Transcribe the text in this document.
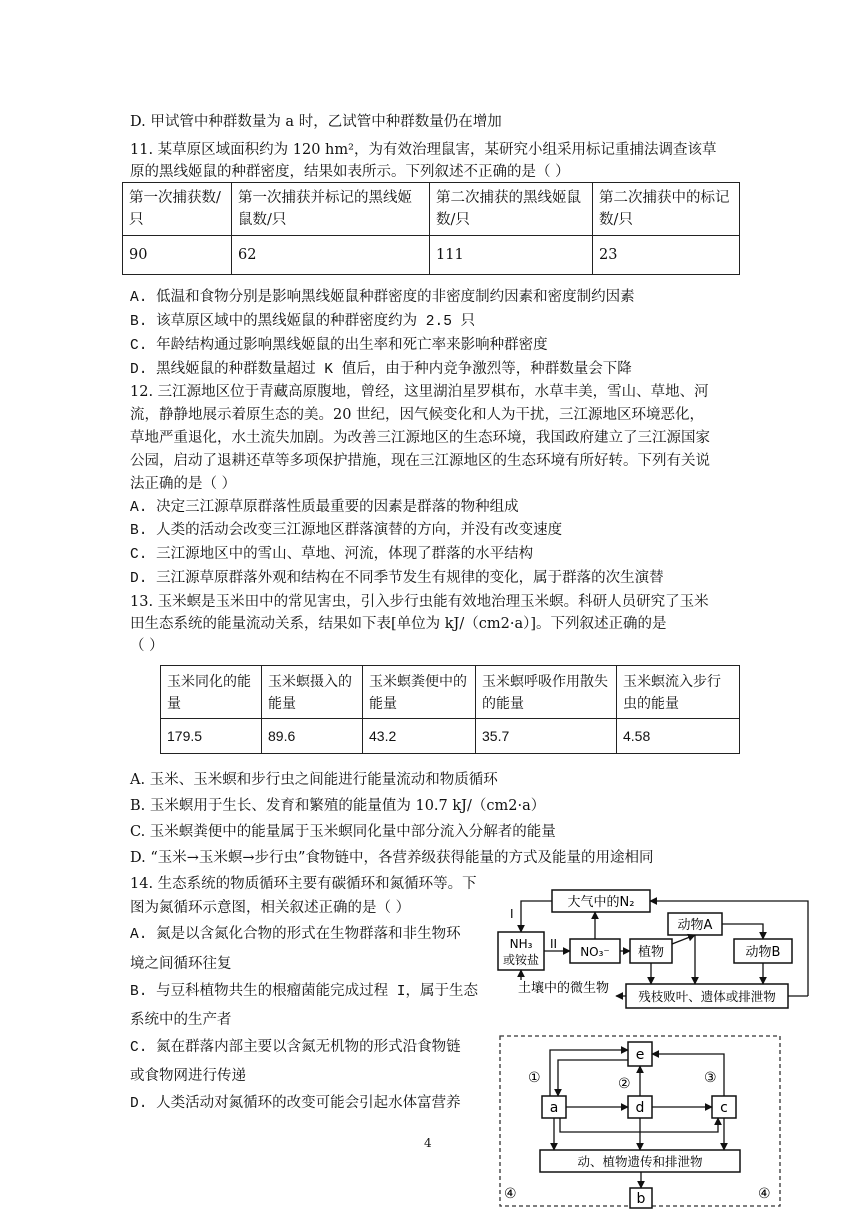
D. 甲试管中种群数量为 a 时，乙试管中种群数量仍在增加
11. 某草原区域面积约为 120 hm²，为有效治理鼠害，某研究小组采用标记重捕法调查该草
原的黑线姬鼠的种群密度，结果如表所示。下列叙述不正确的是（ ）
第一次捕获数/只	第一次捕获并标记的黑线姬鼠数/只	第二次捕获的黑线姬鼠数/只	第二次捕获中的标记数/只
90	62	111	23
A. 低温和食物分别是影响黑线姬鼠种群密度的非密度制约因素和密度制约因素
B. 该草原区域中的黑线姬鼠的种群密度约为 2.5 只
C. 年龄结构通过影响黑线姬鼠的出生率和死亡率来影响种群密度
D. 黑线姬鼠的种群数量超过 K 值后，由于种内竞争激烈等，种群数量会下降
12. 三江源地区位于青藏高原腹地，曾经，这里湖泊星罗棋布，水草丰美，雪山、草地、河
流，静静地展示着原生态的美。20 世纪，因气候变化和人为干扰，三江源地区环境恶化，
草地严重退化，水土流失加剧。为改善三江源地区的生态环境，我国政府建立了三江源国家
公园，启动了退耕还草等多项保护措施，现在三江源地区的生态环境有所好转。下列有关说
法正确的是（ ）
A. 决定三江源草原群落性质最重要的因素是群落的物种组成
B. 人类的活动会改变三江源地区群落演替的方向，并没有改变速度
C. 三江源地区中的雪山、草地、河流，体现了群落的水平结构
D. 三江源草原群落外观和结构在不同季节发生有规律的变化，属于群落的次生演替
13. 玉米螟是玉米田中的常见害虫，引入步行虫能有效地治理玉米螟。科研人员研究了玉米
田生态系统的能量流动关系，结果如下表[单位为 kJ/（cm2·a）]。下列叙述正确的是
（ ）
玉米同化的能量	玉米螟摄入的能量	玉米螟粪便中的能量	玉米螟呼吸作用散失的能量	玉米螟流入步行虫的能量
179.5	89.6	43.2	35.7	4.58
A. 玉米、玉米螟和步行虫之间能进行能量流动和物质循环
B. 玉米螟用于生长、发育和繁殖的能量值为 10.7 kJ/（cm2·a）
C. 玉米螟粪便中的能量属于玉米螟同化量中部分流入分解者的能量
D. “玉米→玉米螟→步行虫”食物链中，各营养级获得能量的方式及能量的用途相同
14. 生态系统的物质循环主要有碳循环和氮循环等。下
图为氮循环示意图，相关叙述正确的是（ ）
A. 氮是以含氮化合物的形式在生物群落和非生物环
境之间循环往复
B. 与豆科植物共生的根瘤菌能完成过程 I，属于生态
系统中的生产者
C. 氮在群落内部主要以含氮无机物的形式沿食物链
或食物网进行传递
D. 人类活动对氮循环的改变可能会引起水体富营养
大气中的N₂
NH₃
或铵盐
NO₃⁻ 植物
动物A
动物B
土壤中的微生物
残枝败叶、遗体或排泄物
I
II
e
a	d	c
动、植物遗传和排泄物
b
①	②	③
④	④
4
